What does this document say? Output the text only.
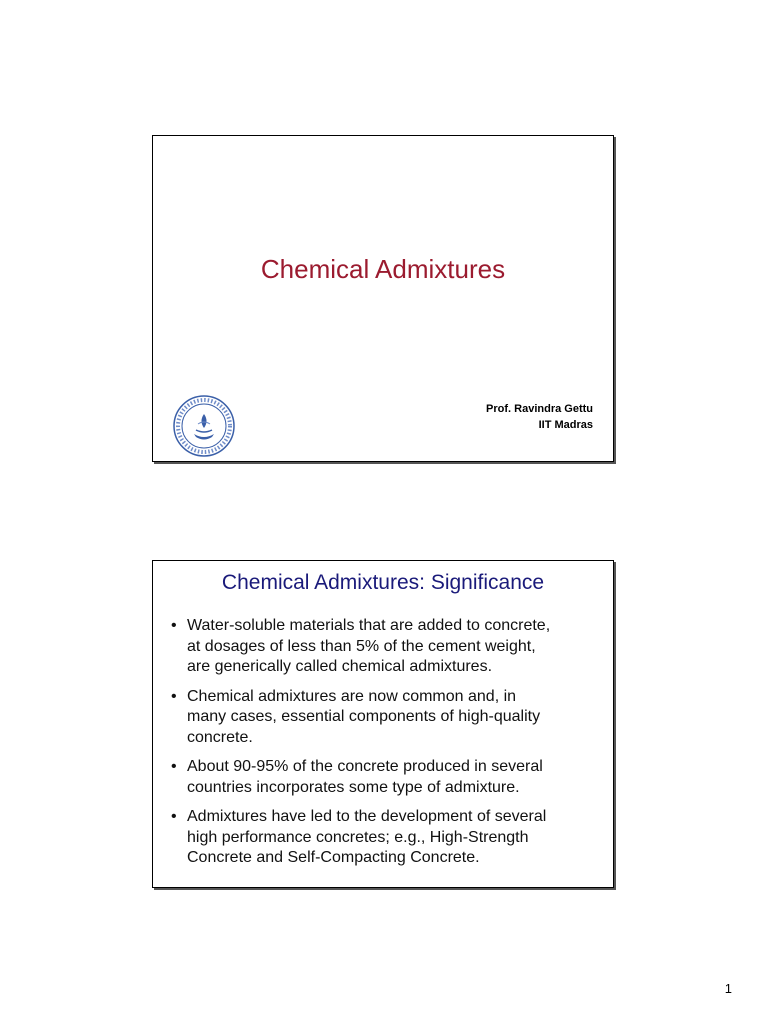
Chemical Admixtures
Prof. Ravindra Gettu
IIT Madras
Chemical Admixtures: Significance
• Water-soluble materials that are added to concrete,
at dosages of less than 5% of the cement weight,
are generically called chemical admixtures.
• Chemical admixtures are now common and, in
many cases, essential components of high-quality
concrete.
• About 90-95% of the concrete produced in several
countries incorporates some type of admixture.
• Admixtures have led to the development of several
high performance concretes; e.g., High-Strength
Concrete and Self-Compacting Concrete.
1
